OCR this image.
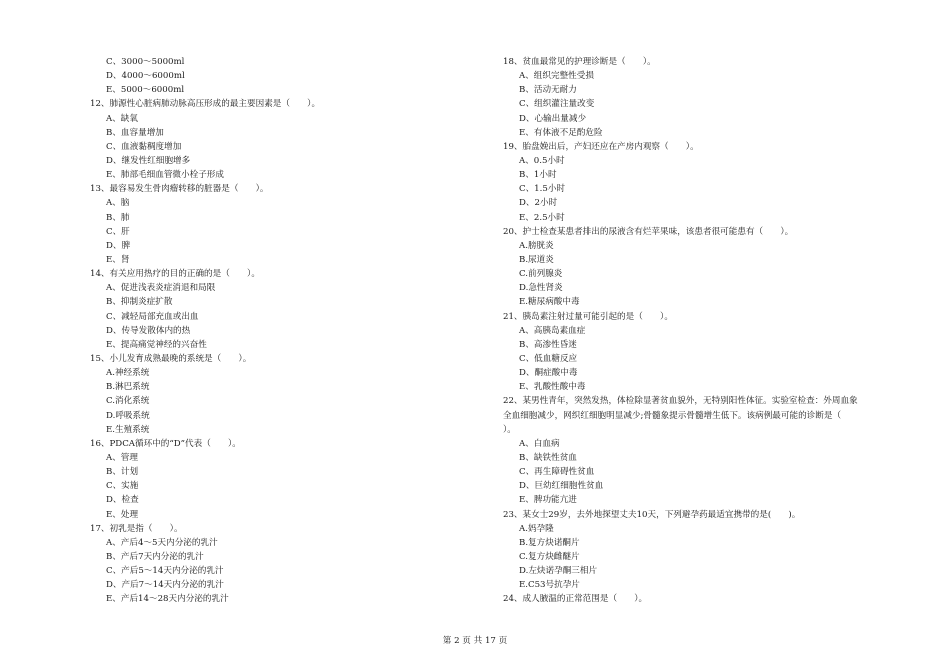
C、3000～5000ml
D、4000～6000ml
E、5000～6000ml
12、肺源性心脏病肺动脉高压形成的最主要因素是（　　）。
A、缺氧
B、血容量增加
C、血液黏稠度增加
D、继发性红细胞增多
E、肺部毛细血管微小栓子形成
13、最容易发生骨肉瘤转移的脏器是（　　）。
A、脑
B、肺
C、肝
D、脾
E、肾
14、有关应用热疗的目的正确的是（　　）。
A、促进浅表炎症消退和局限
B、抑制炎症扩散
C、减轻局部充血或出血
D、传导发散体内的热
E、提高痛觉神经的兴奋性
15、小儿发育成熟最晚的系统是（　　）。
A.神经系统
B.淋巴系统
C.消化系统
D.呼吸系统
E.生殖系统
16、PDCA循环中的“D”代表（　　）。
A、管理
B、计划
C、实施
D、检查
E、处理
17、初乳是指（　　）。
A、产后4～5天内分泌的乳汁
B、产后7天内分泌的乳汁
C、产后5～14天内分泌的乳汁
D、产后7～14天内分泌的乳汁
E、产后14～28天内分泌的乳汁
18、贫血最常见的护理诊断是（　　）。
A、组织完整性受损
B、活动无耐力
C、组织灌注量改变
D、心输出量减少
E、有体液不足酌危险
19、胎盘娩出后，产妇还应在产房内观察（　　）。
A、0.5小时
B、1小时
C、1.5小时
D、2小时
E、2.5小时
20、护士检查某患者排出的尿液含有烂苹果味，该患者很可能患有（　　）。
A.膀胱炎
B.尿道炎
C.前列腺炎
D.急性肾炎
E.糖尿病酸中毒
21、胰岛素注射过量可能引起的是（　　）。
A、高胰岛素血症
B、高渗性昏迷
C、低血糖反应
D、酮症酸中毒
E、乳酸性酸中毒
22、某男性青年，突然发热，体检除显著贫血貌外，无特别阳性体征。实验室检查：外周血象
全血细胞减少，网织红细胞明显减少;骨髓象提示骨髓增生低下。该病例最可能的诊断是（
）。
A、白血病
B、缺铁性贫血
C、再生障碍性贫血
D、巨幼红细胞性贫血
E、脾功能亢进
23、某女士29岁，去外地探望丈夫10天，下列避孕药最适宜携带的是(　　)。
A.妈孕隆
B.复方炔诺酮片
C.复方炔雌醚片
D.左炔诺孕酮三相片
E.C53号抗孕片
24、成人腋温的正常范围是（　　）。
第 2 页 共 17 页
